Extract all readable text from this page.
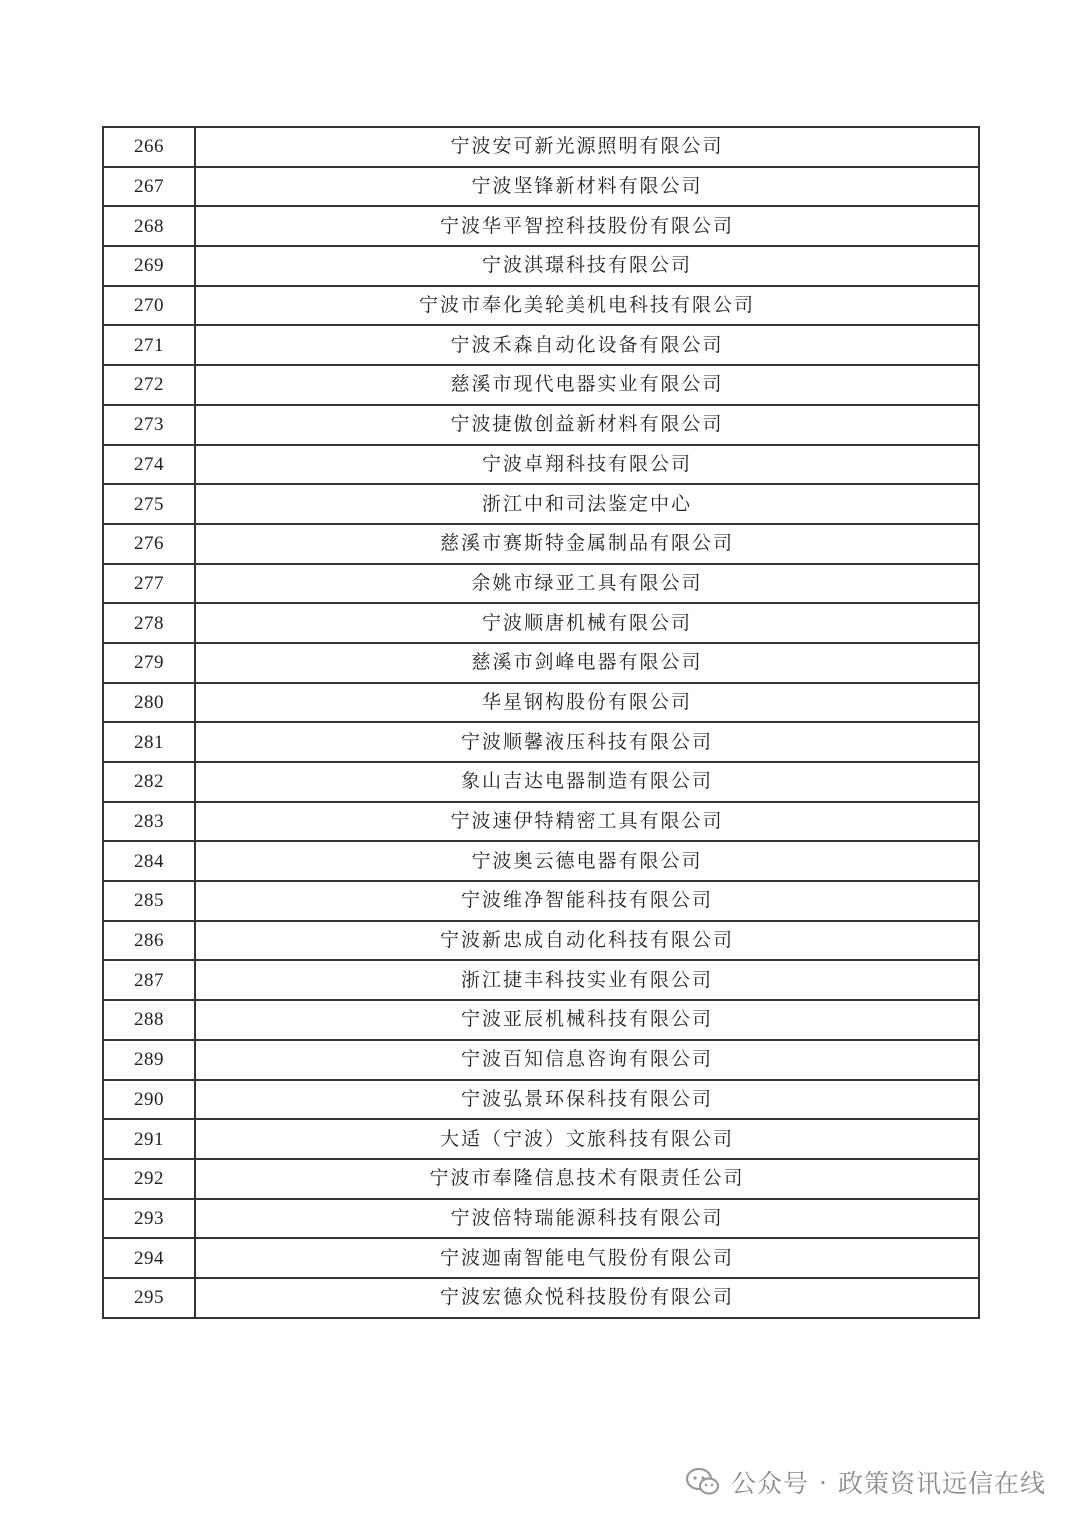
266	宁波安可新光源照明有限公司
267	宁波坚锋新材料有限公司
268	宁波华平智控科技股份有限公司
269	宁波淇璟科技有限公司
270	宁波市奉化美轮美机电科技有限公司
271	宁波禾森自动化设备有限公司
272	慈溪市现代电器实业有限公司
273	宁波捷傲创益新材料有限公司
274	宁波卓翔科技有限公司
275	浙江中和司法鉴定中心
276	慈溪市赛斯特金属制品有限公司
277	余姚市绿亚工具有限公司
278	宁波顺唐机械有限公司
279	慈溪市剑峰电器有限公司
280	华星钢构股份有限公司
281	宁波顺馨液压科技有限公司
282	象山吉达电器制造有限公司
283	宁波速伊特精密工具有限公司
284	宁波奥云德电器有限公司
285	宁波维净智能科技有限公司
286	宁波新忠成自动化科技有限公司
287	浙江捷丰科技实业有限公司
288	宁波亚辰机械科技有限公司
289	宁波百知信息咨询有限公司
290	宁波弘景环保科技有限公司
291	大适（宁波）文旅科技有限公司
292	宁波市奉隆信息技术有限责任公司
293	宁波倍特瑞能源科技有限公司
294	宁波迦南智能电气股份有限公司
295	宁波宏德众悦科技股份有限公司
公众号 · 政策资讯远信在线
